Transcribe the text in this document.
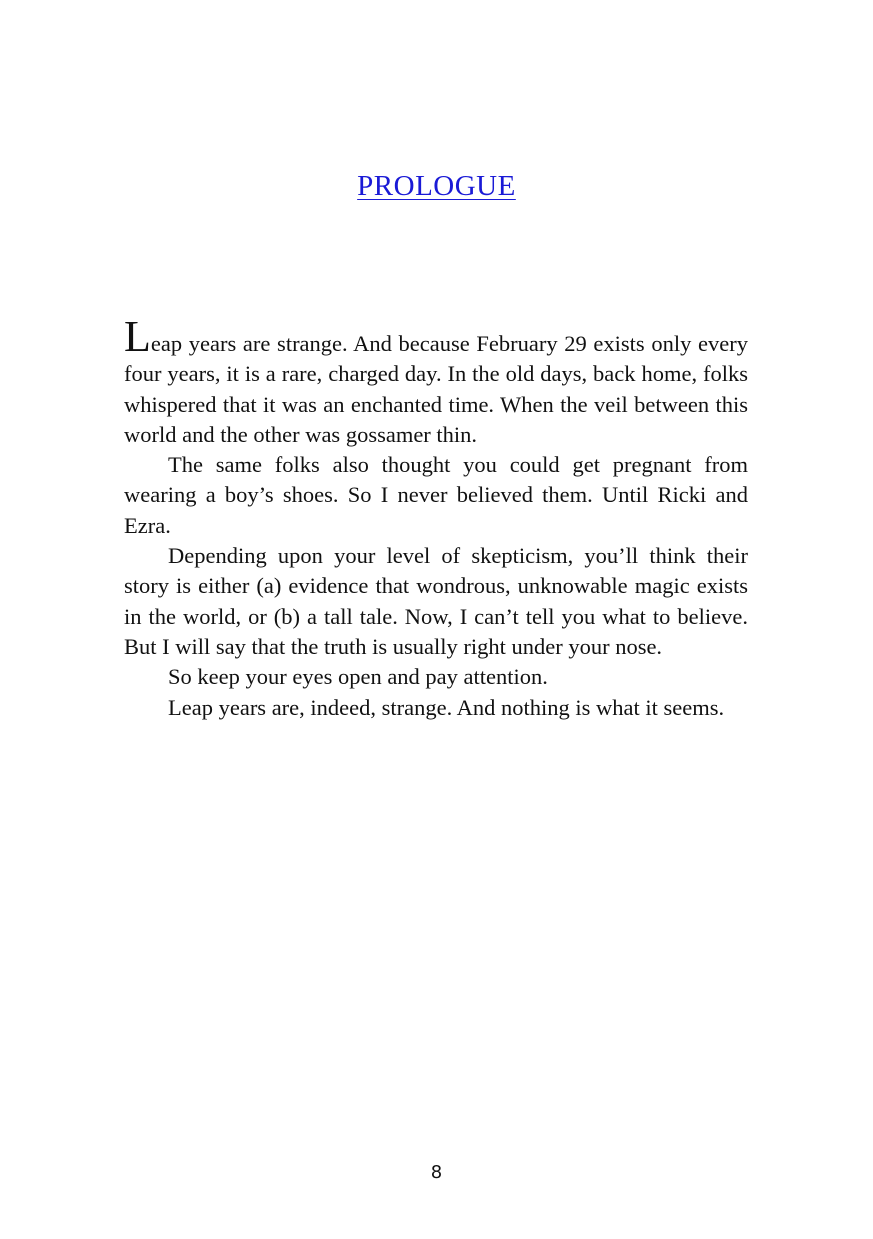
PROLOGUE

Leap years are strange. And because February 29 exists only every four years, it is a rare, charged day. In the old days, back home, folks whispered that it was an enchanted time. When the veil between this world and the other was gossamer thin.

The same folks also thought you could get pregnant from wearing a boy’s shoes. So I never believed them. Until Ricki and Ezra.

Depending upon your level of skepticism, you’ll think their story is either (a) evidence that wondrous, unknowable magic exists in the world, or (b) a tall tale. Now, I can’t tell you what to believe. But I will say that the truth is usually right under your nose.

So keep your eyes open and pay attention.

Leap years are, indeed, strange. And nothing is what it seems.

8
